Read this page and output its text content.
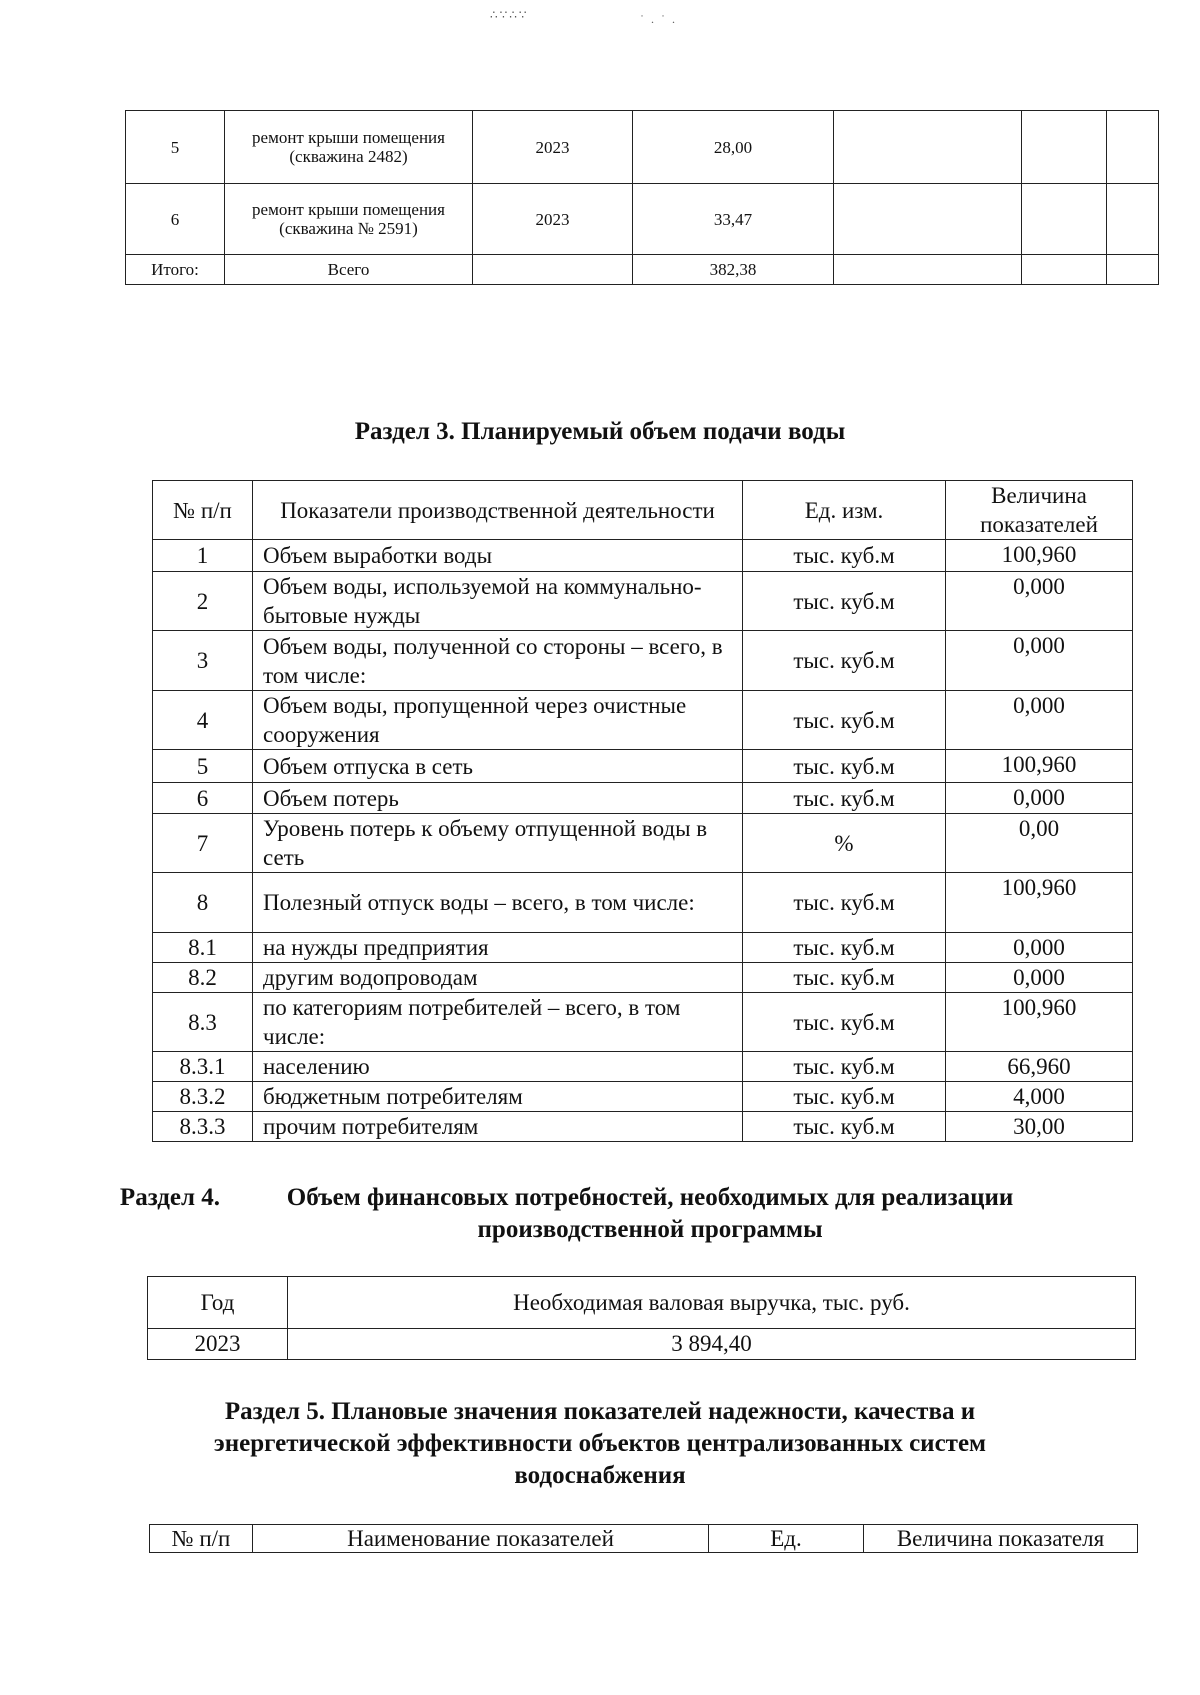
∴∵∴∵	˙ . ˙ .
5	ремонт крыши помещения (скважина 2482)	2023	28,00			
6	ремонт крыши помещения (скважина № 2591)	2023	33,47			
Итого:	Всего		382,38			
Раздел 3. Планируемый объем подачи воды
№ п/п	Показатели производственной деятельности	Ед. изм.	Величина показателей
1	Объем выработки воды	тыс. куб.м	100,960
2	Объем воды, используемой на коммунально-бытовые нужды	тыс. куб.м	0,000
3	Объем воды, полученной со стороны – всего, в том числе:	тыс. куб.м	0,000
4	Объем воды, пропущенной через очистные сооружения	тыс. куб.м	0,000
5	Объем отпуска в сеть	тыс. куб.м	100,960
6	Объем потерь	тыс. куб.м	0,000
7	Уровень потерь к объему отпущенной воды в сеть	%	0,00
8	Полезный отпуск воды – всего, в том числе:	тыс. куб.м	100,960
8.1	на нужды предприятия	тыс. куб.м	0,000
8.2	другим водопроводам	тыс. куб.м	0,000
8.3	по категориям потребителей – всего, в том числе:	тыс. куб.м	100,960
8.3.1	населению	тыс. куб.м	66,960
8.3.2	бюджетным потребителям	тыс. куб.м	4,000
8.3.3	прочим потребителям	тыс. куб.м	30,00
Раздел 4.	Объем финансовых потребностей, необходимых для реализации производственной программы
Год	Необходимая валовая выручка, тыс. руб.
2023	3 894,40
Раздел 5. Плановые значения показателей надежности, качества и энергетической эффективности объектов централизованных систем водоснабжения
№ п/п	Наименование показателей	Ед.	Величина показателя
